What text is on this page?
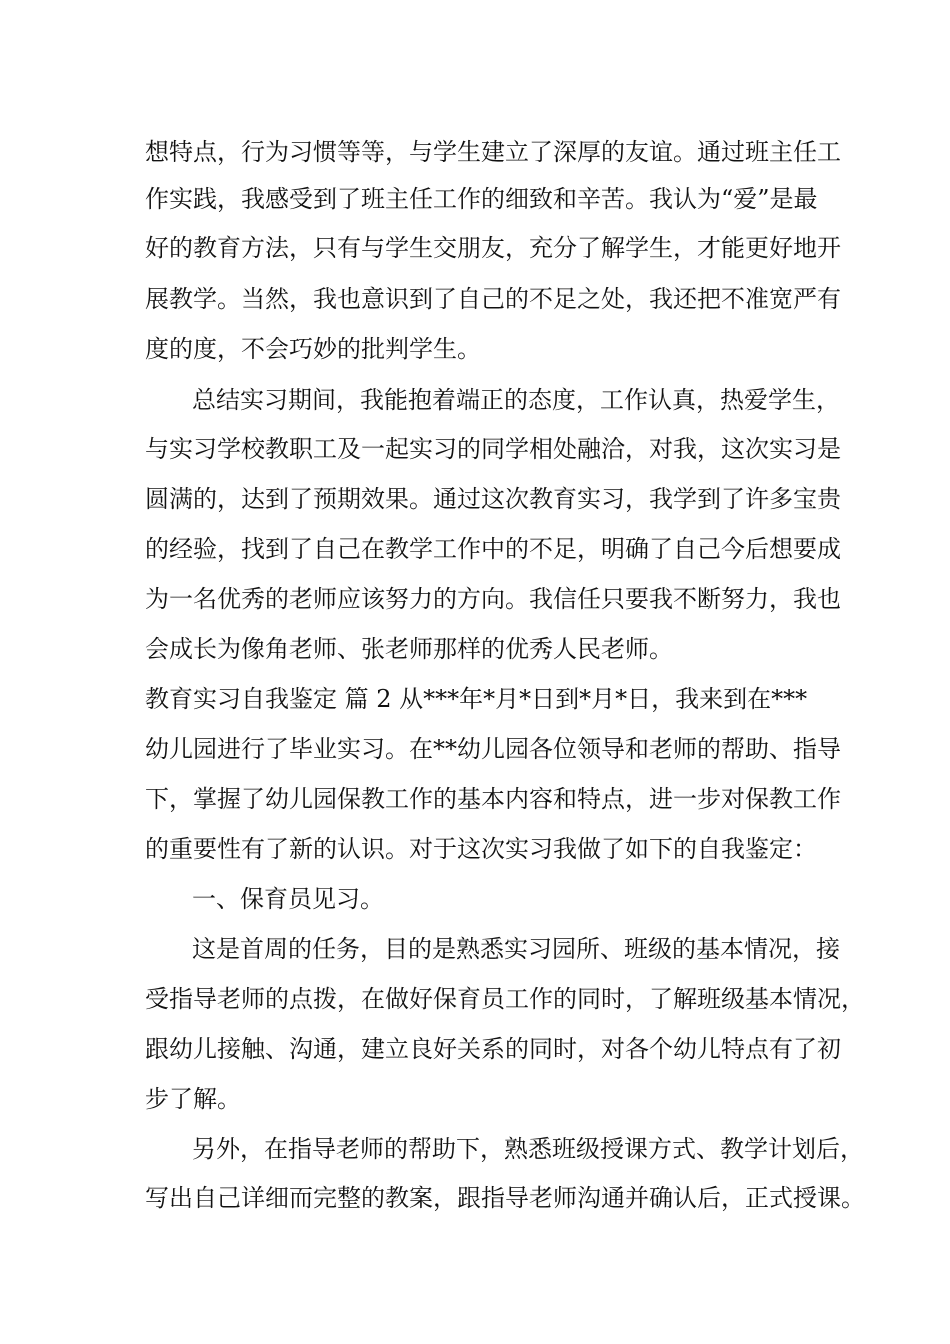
想特点，行为习惯等等，与学生建立了深厚的友谊。通过班主任工
作实践，我感受到了班主任工作的细致和辛苦。我认为“爱”是最
好的教育方法，只有与学生交朋友，充分了解学生，才能更好地开
展教学。当然，我也意识到了自己的不足之处，我还把不准宽严有
度的度，不会巧妙的批判学生。
总结实习期间，我能抱着端正的态度，工作认真，热爱学生，
与实习学校教职工及一起实习的同学相处融洽，对我，这次实习是
圆满的，达到了预期效果。通过这次教育实习，我学到了许多宝贵
的经验，找到了自己在教学工作中的不足，明确了自己今后想要成
为一名优秀的老师应该努力的方向。我信任只要我不断努力，我也
会成长为像角老师、张老师那样的优秀人民老师。
教育实习自我鉴定 篇 2 从***年*月*日到*月*日，我来到在***
幼儿园进行了毕业实习。在**幼儿园各位领导和老师的帮助、指导
下，掌握了幼儿园保教工作的基本内容和特点，进一步对保教工作
的重要性有了新的认识。对于这次实习我做了如下的自我鉴定：
一、保育员见习。
这是首周的任务，目的是熟悉实习园所、班级的基本情况，接
受指导老师的点拨，在做好保育员工作的同时，了解班级基本情况，
跟幼儿接触、沟通，建立良好关系的同时，对各个幼儿特点有了初
步了解。
另外，在指导老师的帮助下，熟悉班级授课方式、教学计划后，
写出自己详细而完整的教案，跟指导老师沟通并确认后，正式授课。
